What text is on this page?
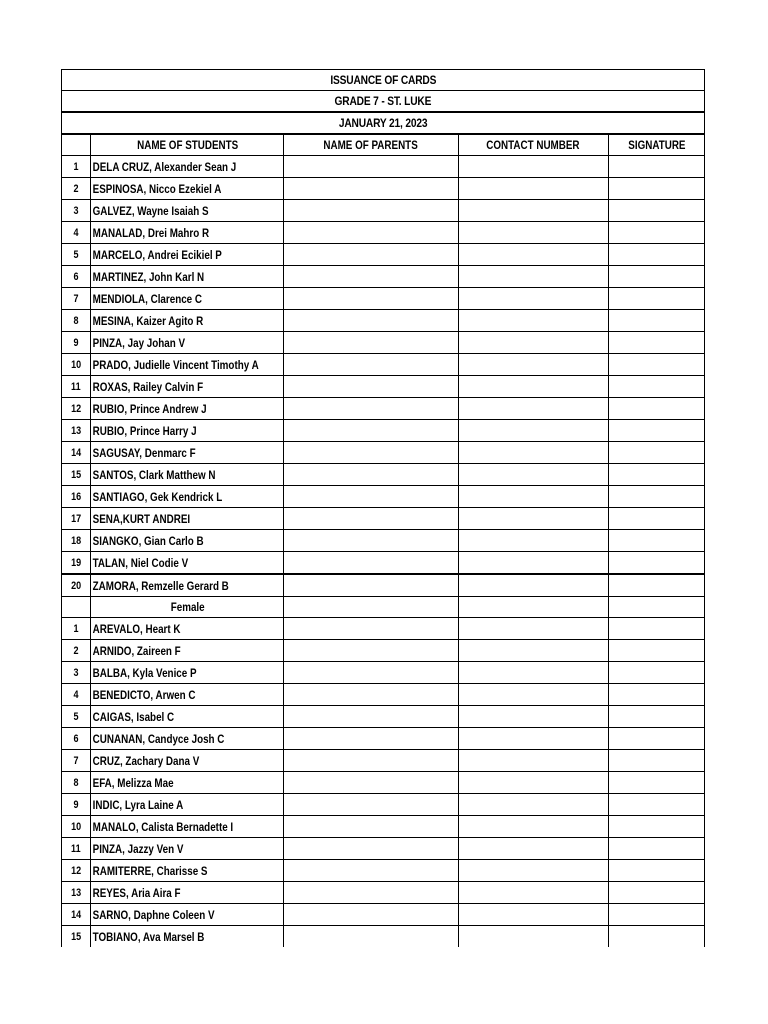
ISSUANCE OF CARDS
GRADE 7 - ST. LUKE
JANUARY 21, 2023
	NAME OF STUDENTS	NAME OF PARENTS	CONTACT NUMBER	SIGNATURE
1	DELA CRUZ, Alexander Sean J			
2	ESPINOSA, Nicco Ezekiel A			
3	GALVEZ, Wayne Isaiah S			
4	MANALAD, Drei Mahro R			
5	MARCELO, Andrei Ecikiel P			
6	MARTINEZ, John Karl N			
7	MENDIOLA, Clarence C			
8	MESINA, Kaizer Agito R			
9	PINZA, Jay Johan V			
10	PRADO, Judielle Vincent Timothy A			
11	ROXAS, Railey Calvin F			
12	RUBIO, Prince Andrew J			
13	RUBIO, Prince Harry J			
14	SAGUSAY, Denmarc F			
15	SANTOS, Clark Matthew N			
16	SANTIAGO, Gek Kendrick L			
17	SENA,KURT ANDREI			
18	SIANGKO, Gian Carlo B			
19	TALAN, Niel Codie V			
20	ZAMORA, Remzelle Gerard B			
	Female			
1	AREVALO, Heart K			
2	ARNIDO, Zaireen F			
3	BALBA, Kyla Venice P			
4	BENEDICTO, Arwen C			
5	CAIGAS, Isabel C			
6	CUNANAN, Candyce Josh C			
7	CRUZ, Zachary Dana V			
8	EFA, Melizza Mae			
9	INDIC, Lyra Laine A			
10	MANALO, Calista Bernadette I			
11	PINZA, Jazzy Ven V			
12	RAMITERRE, Charisse S			
13	REYES, Aria Aira F			
14	SARNO, Daphne Coleen V			
15	TOBIANO, Ava Marsel B			
